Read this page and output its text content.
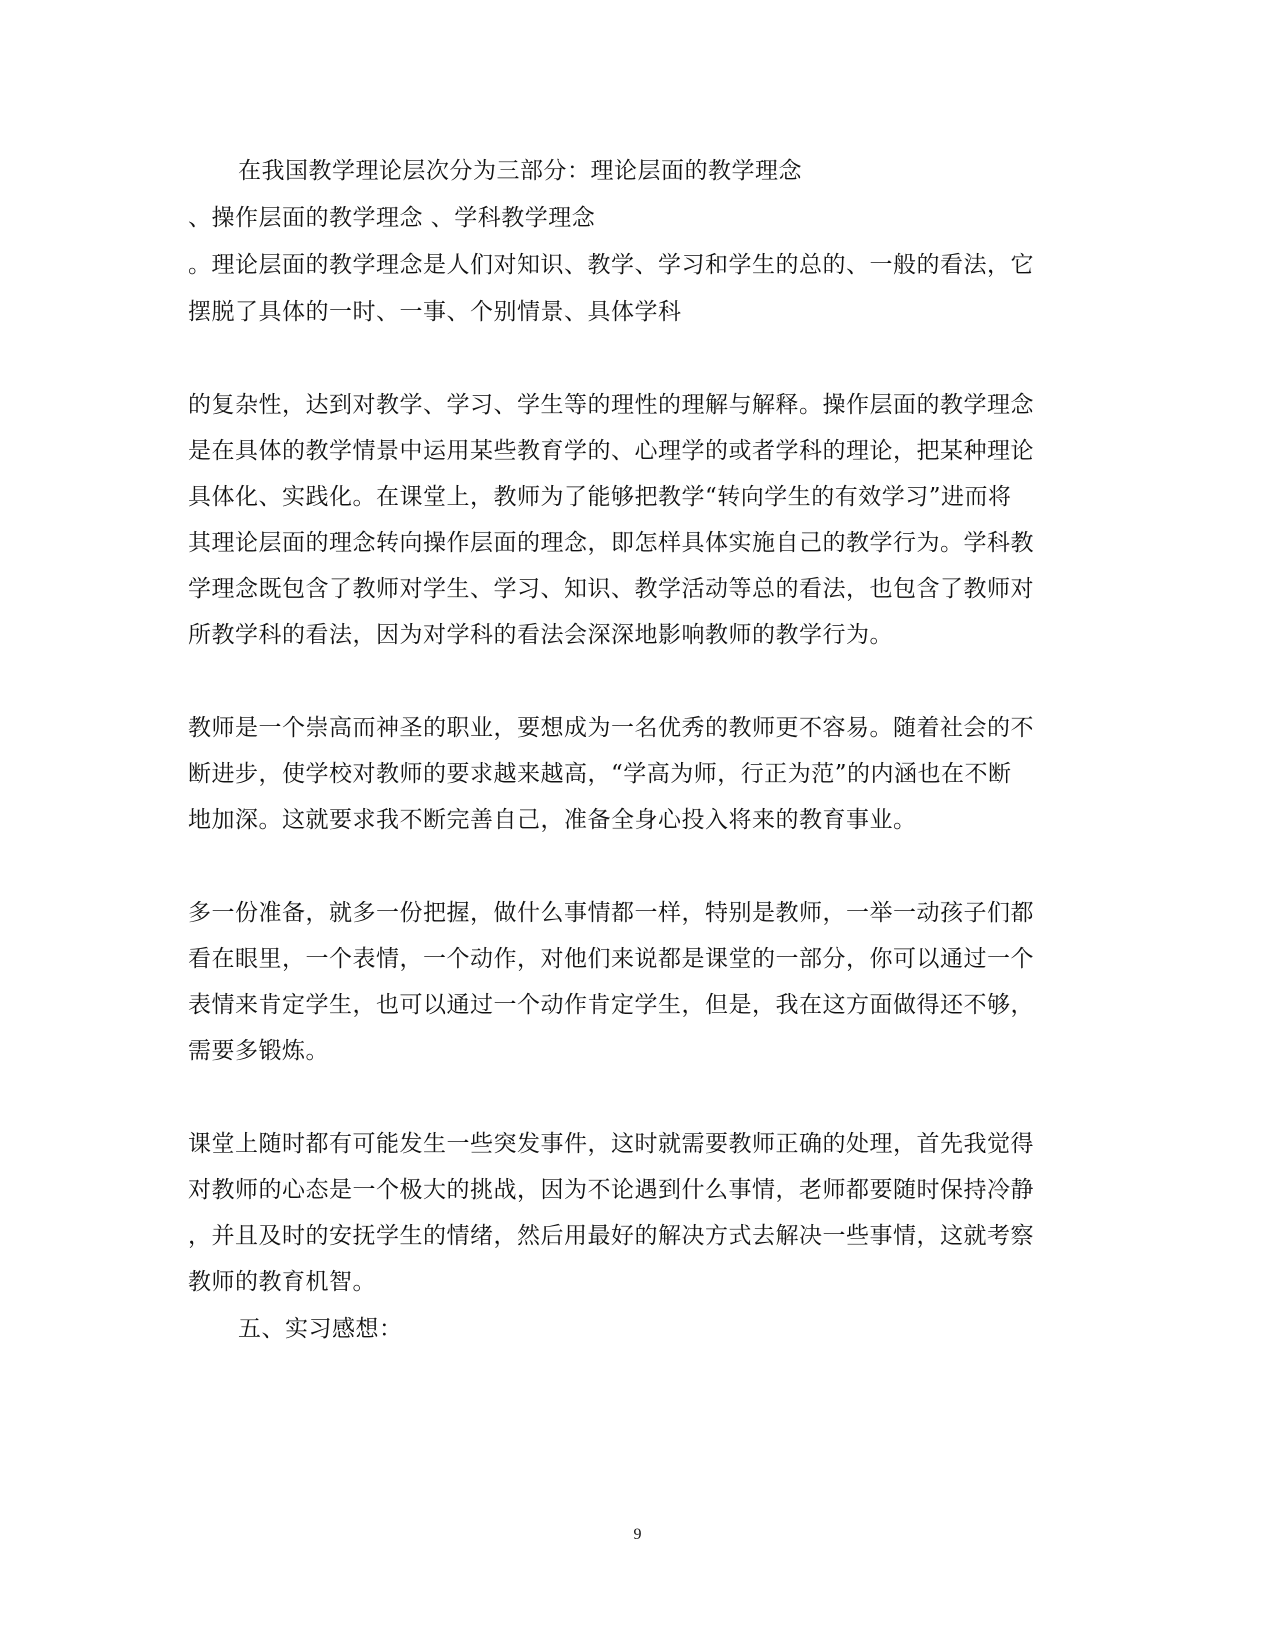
在我国教学理论层次分为三部分：理论层面的教学理念
、操作层面的教学理念 、学科教学理念
。理论层面的教学理念是人们对知识、教学、学习和学生的总的、一般的看法，它
摆脱了具体的一时、一事、个别情景、具体学科
的复杂性，达到对教学、学习、学生等的理性的理解与解释。操作层面的教学理念
是在具体的教学情景中运用某些教育学的、心理学的或者学科的理论，把某种理论
具体化、实践化。在课堂上，教师为了能够把教学“转向学生的有效学习”进而将
其理论层面的理念转向操作层面的理念，即怎样具体实施自己的教学行为。学科教
学理念既包含了教师对学生、学习、知识、教学活动等总的看法，也包含了教师对
所教学科的看法，因为对学科的看法会深深地影响教师的教学行为。
教师是一个崇高而神圣的职业，要想成为一名优秀的教师更不容易。随着社会的不
断进步，使学校对教师的要求越来越高，“学高为师，行正为范”的内涵也在不断
地加深。这就要求我不断完善自己，准备全身心投入将来的教育事业。
多一份准备，就多一份把握，做什么事情都一样，特别是教师，一举一动孩子们都
看在眼里，一个表情，一个动作，对他们来说都是课堂的一部分，你可以通过一个
表情来肯定学生，也可以通过一个动作肯定学生，但是，我在这方面做得还不够，
需要多锻炼。
课堂上随时都有可能发生一些突发事件，这时就需要教师正确的处理，首先我觉得
对教师的心态是一个极大的挑战，因为不论遇到什么事情，老师都要随时保持冷静
，并且及时的安抚学生的情绪，然后用最好的解决方式去解决一些事情，这就考察
教师的教育机智。
五、实习感想：
9
